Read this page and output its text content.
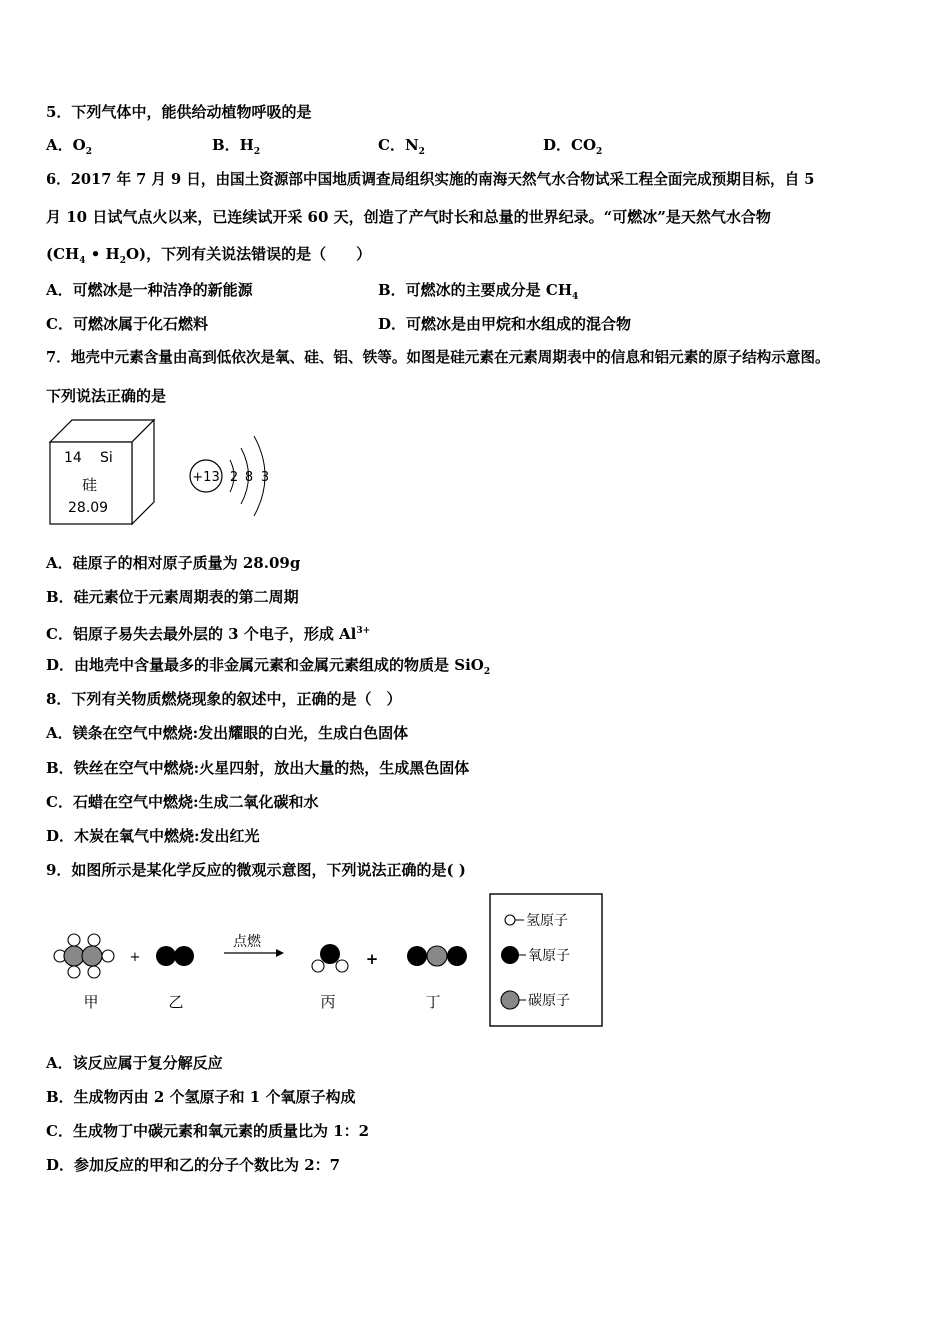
5．下列气体中，能供给动植物呼吸的是
A．$O_2$	B．$H_2$	C．$N_2$	D．$CO_2$
6．2017 年 7 月 9 日，由国土资源部中国地质调查局组织实施的南海天然气水合物试采工程全面完成预期目标，自 5
月 10 日试气点火以来，已连续试开采 60 天，创造了产气时长和总量的世界纪录。“可燃冰”是天然气水合物
($CH_4$ • $H_2O$)，下列有关说法错误的是（　　）
A．可燃冰是一种洁净的新能源	B．可燃冰的主要成分是 $CH_4$
C．可燃冰属于化石燃料	D．可燃冰是由甲烷和水组成的混合物
7．地壳中元素含量由高到低依次是氧、硅、铝、铁等。如图是硅元素在元素周期表中的信息和铝元素的原子结构示意图。
下列说法正确的是
14 Si
硅
28.09
+13 2 8 3
A．硅原子的相对原子质量为 28.09g
B．硅元素位于元素周期表的第二周期
C．铝原子易失去最外层的 3 个电子，形成 $Al^{3+}$
D．由地壳中含量最多的非金属元素和金属元素组成的物质是 SiO$_2$
8．下列有关物质燃烧现象的叙述中，正确的是（　）
A．镁条在空气中燃烧:发出耀眼的白光，生成白色固体
B．铁丝在空气中燃烧:火星四射，放出大量的热，生成黑色固体
C．石蜡在空气中燃烧:生成二氧化碳和水
D．木炭在氧气中燃烧:发出红光
9．如图所示是某化学反应的微观示意图，下列说法正确的是( )
+
点燃
+
甲	乙	丙	丁
氢原子
氧原子
碳原子
A．该反应属于复分解反应
B．生成物丙由 2 个氢原子和 1 个氧原子构成
C．生成物丁中碳元素和氧元素的质量比为 1：2
D．参加反应的甲和乙的分子个数比为 2：7
